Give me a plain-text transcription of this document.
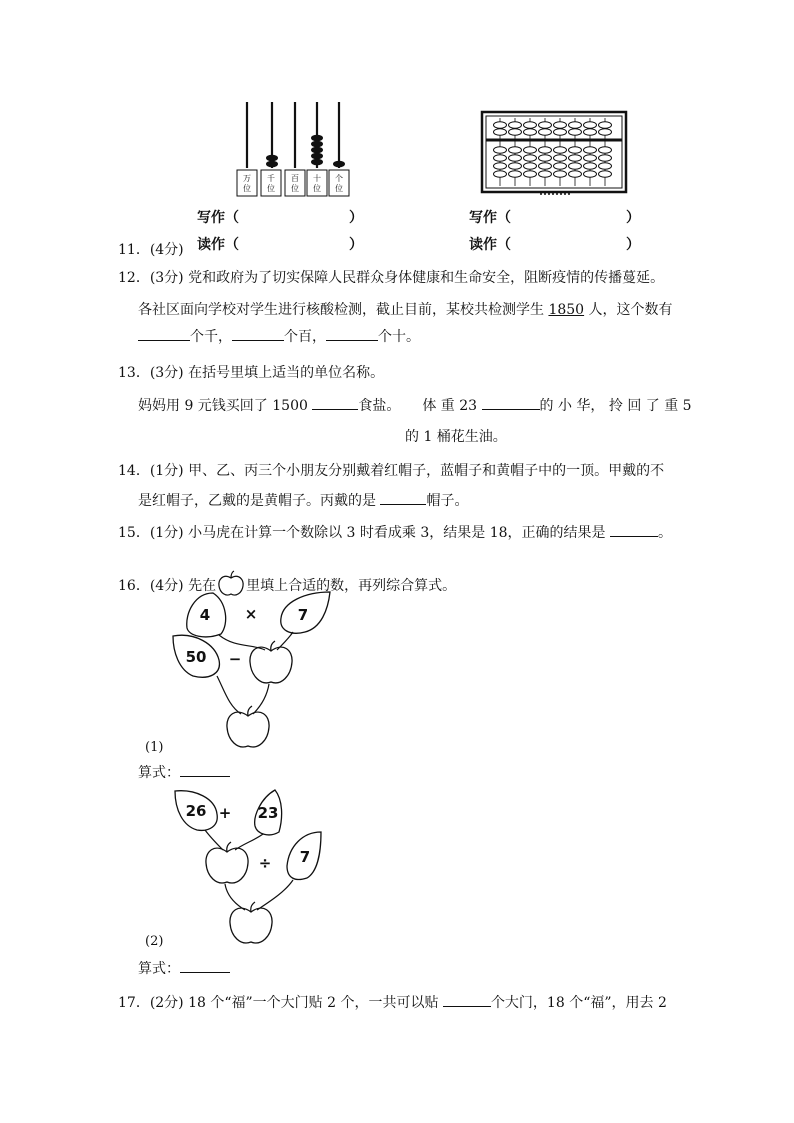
万位
千位
百位
十位
个位
写作（	）	写作（	）
11．(4分) 读作（	）	读作（	）
12．(3分) 党和政府为了切实保障人民群众身体健康和生命安全，阻断疫情的传播蔓延。
各社区面向学校对学生进行核酸检测，截止目前，某校共检测学生 1850 人，这个数有
个千，	个百，	个十。
13．(3分) 在括号里填上适当的单位名称。
妈妈用 9 元钱买回了 1500	食盐。 体 重 23	的 小 华， 拎 回 了 重 5
的 1 桶花生油。
14．(1分) 甲、乙、丙三个小朋友分别戴着红帽子，蓝帽子和黄帽子中的一顶。甲戴的不
是红帽子，乙戴的是黄帽子。丙戴的是	帽子。
15．(1分) 小马虎在计算一个数除以 3 时看成乘 3，结果是 18，正确的结果是	。
16．(4分) 先在 里填上合适的数，再列综合算式。
4 ×	7
50 −
(1)
算式：
26 + 23
÷ 7
(2)
算式：
17．(2分) 18 个“福”一个大门贴 2 个，一共可以贴	个大门，18 个“福”，用去 2
